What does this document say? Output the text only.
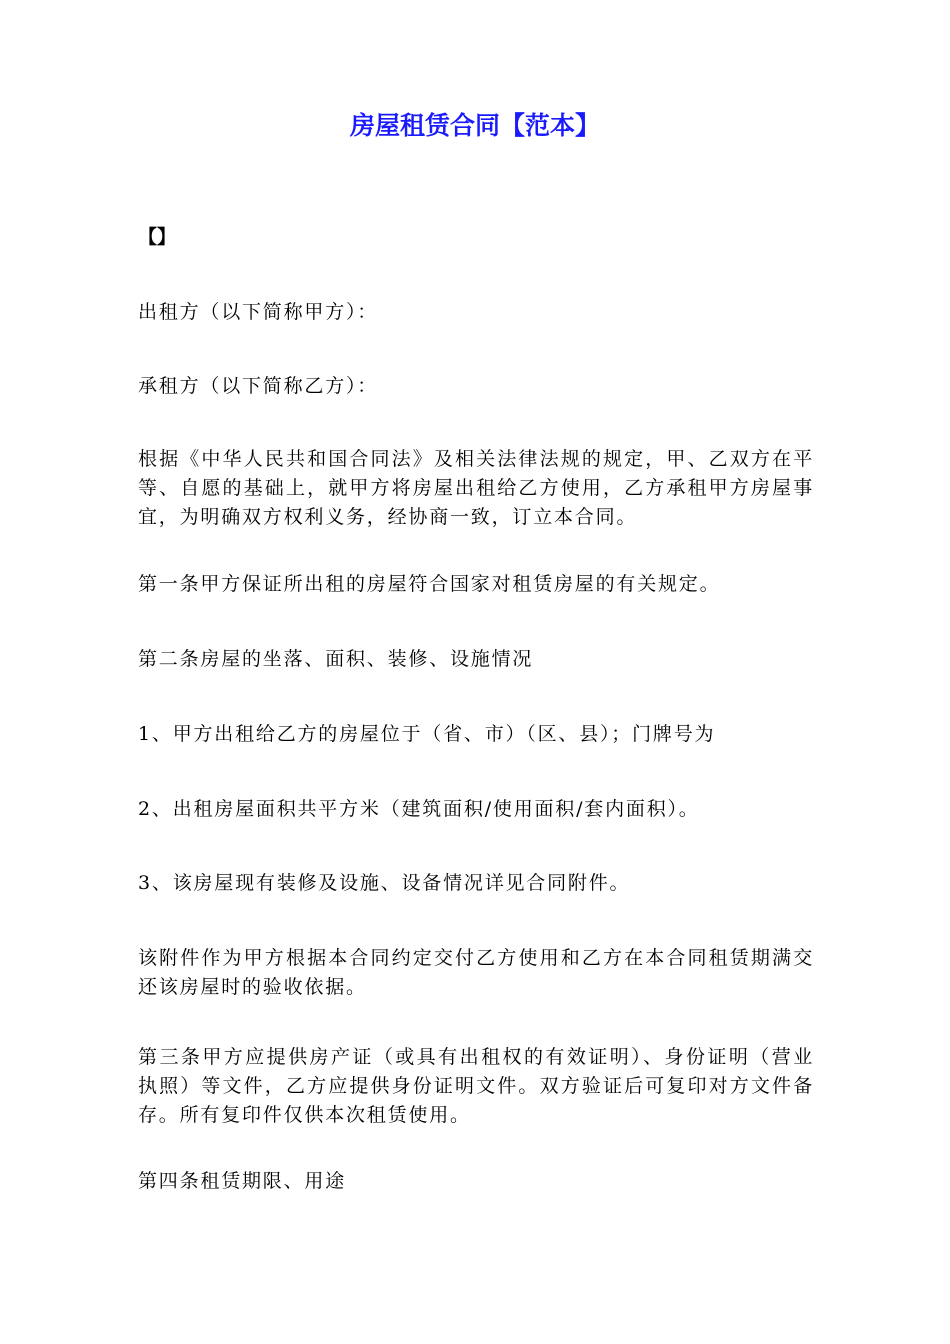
房屋租赁合同【范本】
【】

出租方（以下简称甲方）：

承租方（以下简称乙方）：

根据《中华人民共和国合同法》及相关法律法规的规定，甲、乙双方在平等、自愿的基础上，就甲方将房屋出租给乙方使用，乙方承租甲方房屋事宜，为明确双方权利义务，经协商一致，订立本合同。

第一条甲方保证所出租的房屋符合国家对租赁房屋的有关规定。

第二条房屋的坐落、面积、装修、设施情况

1、甲方出租给乙方的房屋位于（省、市）（区、县）；门牌号为

2、出租房屋面积共平方米（建筑面积/使用面积/套内面积）。

3、该房屋现有装修及设施、设备情况详见合同附件。

该附件作为甲方根据本合同约定交付乙方使用和乙方在本合同租赁期满交还该房屋时的验收依据。

第三条甲方应提供房产证（或具有出租权的有效证明）、身份证明（营业执照）等文件，乙方应提供身份证明文件。双方验证后可复印对方文件备存。所有复印件仅供本次租赁使用。

第四条租赁期限、用途
